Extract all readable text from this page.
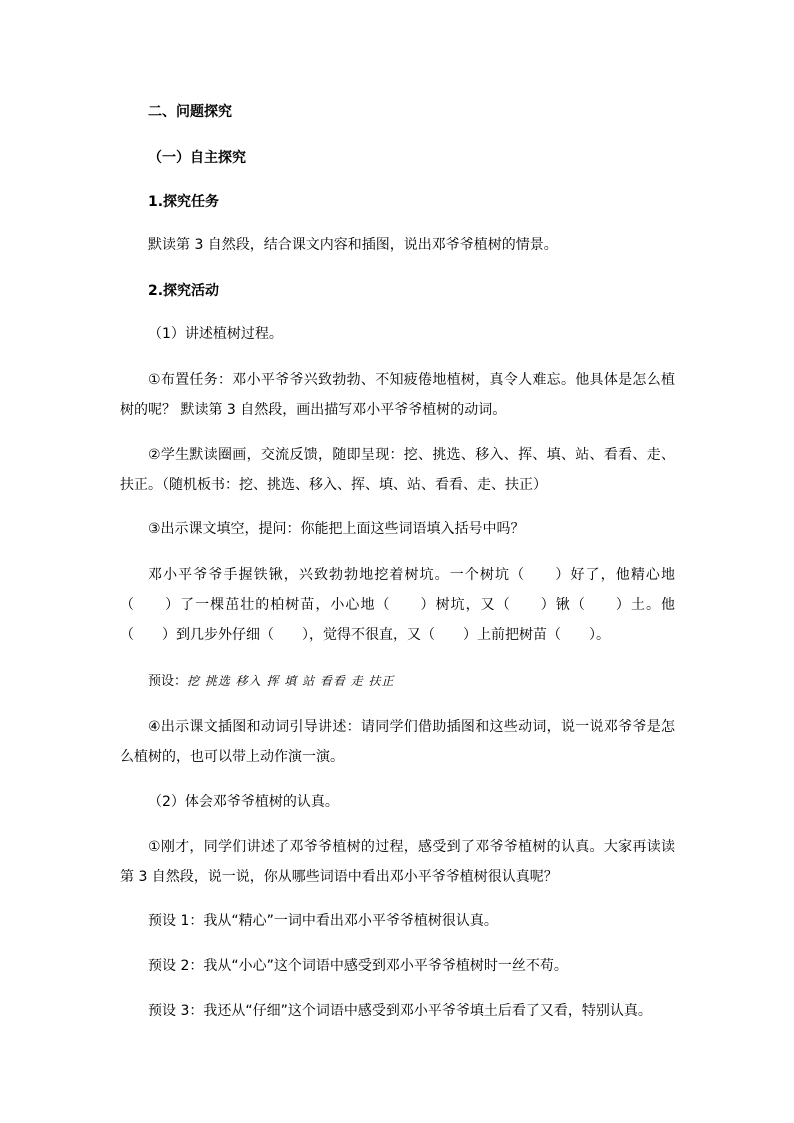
二、问题探究

（一）自主探究

1.探究任务

默读第 3 自然段，结合课文内容和插图，说出邓爷爷植树的情景。

2.探究活动

（1）讲述植树过程。

①布置任务：邓小平爷爷兴致勃勃、不知疲倦地植树，真令人难忘。他具体是怎么植树的呢？ 默读第 3 自然段，画出描写邓小平爷爷植树的动词。

②学生默读圈画，交流反馈，随即呈现：挖、挑选、移入、挥、填、站、看看、走、扶正。（随机板书：挖、挑选、移入、挥、填、站、看看、走、扶正）

③出示课文填空，提问：你能把上面这些词语填入括号中吗？

邓小平爷爷手握铁锹，兴致勃勃地挖着树坑。一个树坑（　　）好了，他精心地（　　）了一棵茁壮的柏树苗，小心地（　　）树坑，又（　　）锹（　　）土。他（　　）到几步外仔细（　　），觉得不很直，又（　　）上前把树苗（　　）。

预设：挖 挑选 移入 挥 填 站 看看 走 扶正

④出示课文插图和动词引导讲述：请同学们借助插图和这些动词，说一说邓爷爷是怎么植树的，也可以带上动作演一演。

（2）体会邓爷爷植树的认真。

①刚才，同学们讲述了邓爷爷植树的过程，感受到了邓爷爷植树的认真。大家再读读第 3 自然段，说一说，你从哪些词语中看出邓小平爷爷植树很认真呢？

预设 1：我从“精心”一词中看出邓小平爷爷植树很认真。

预设 2：我从“小心”这个词语中感受到邓小平爷爷植树时一丝不苟。

预设 3：我还从“仔细”这个词语中感受到邓小平爷爷填土后看了又看，特别认真。
